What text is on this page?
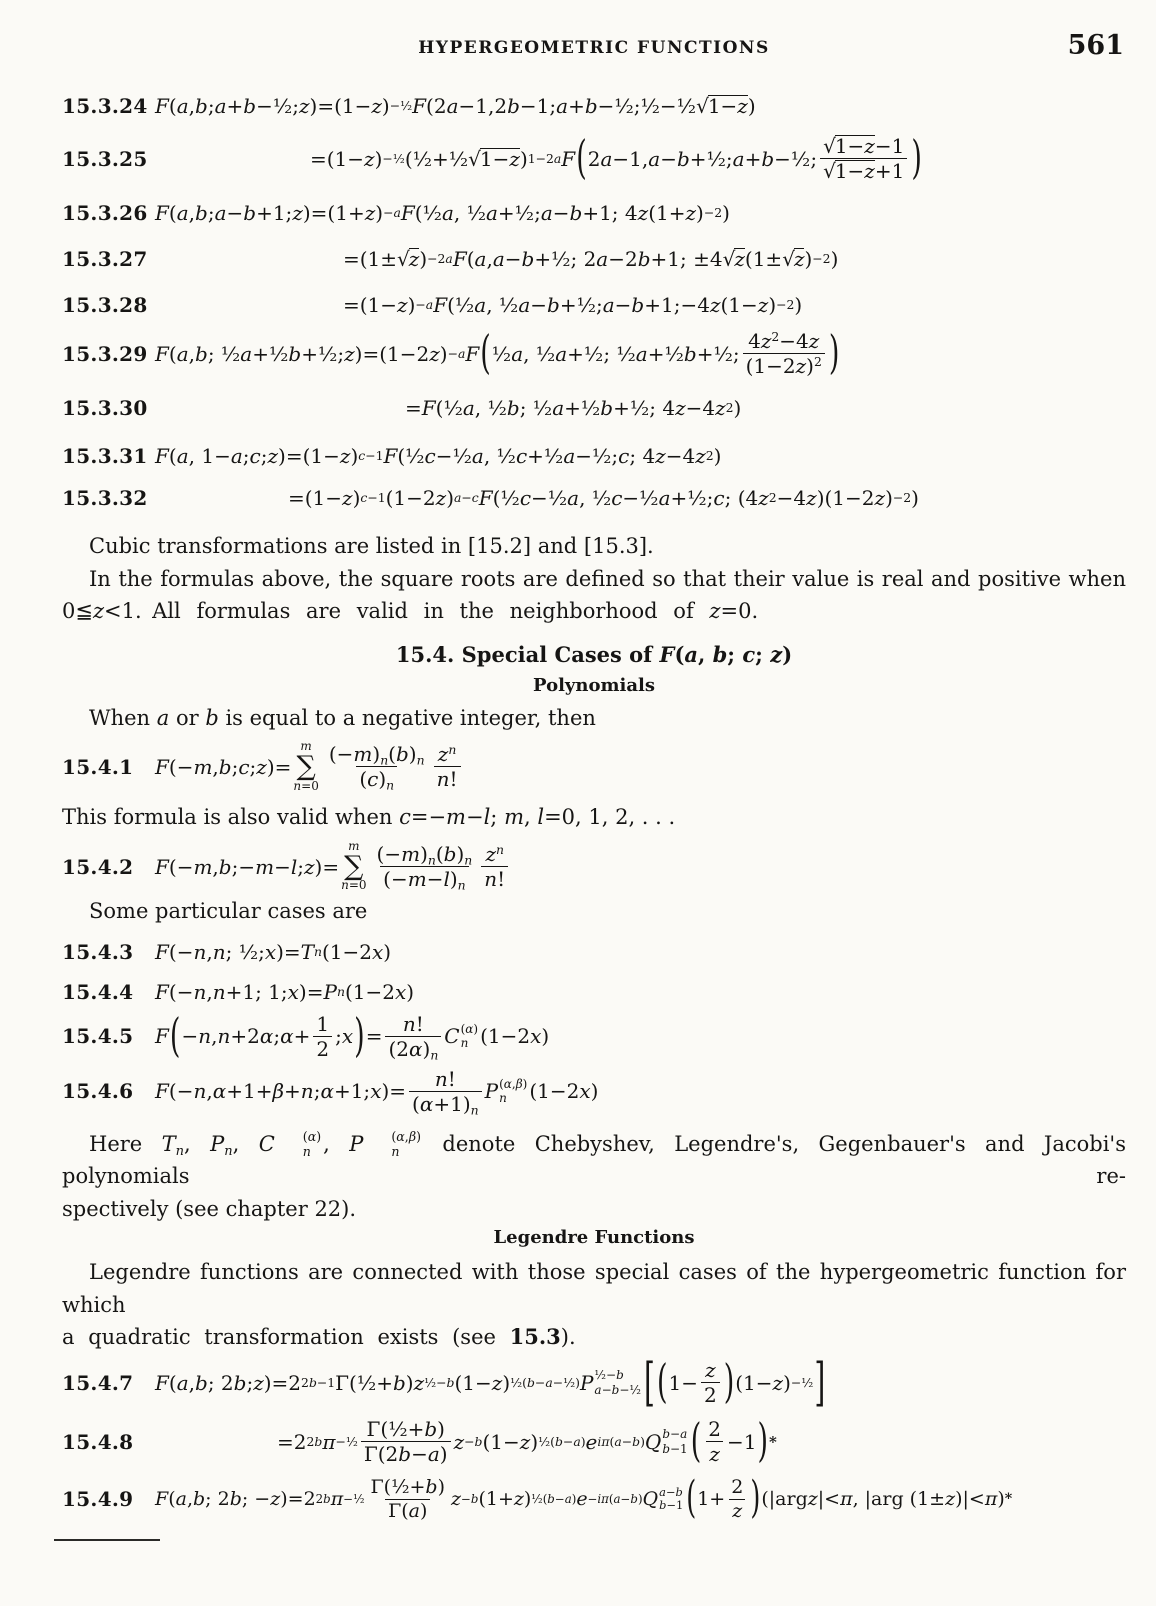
HYPERGEOMETRIC FUNCTIONS	561
15.3.24 F ( a , b ; a + b −½; z )=(1− z ) −½ F (2 a −1,2 b −1; a + b −½;½−½ √1−z )
15.3.25	=(1− z ) −½ (½+½ √1−z ) 1−2a F ( 2 a −1, a − b +½; a + b −½;
√1−z−1
√1−z+1 )
15.3.26 F ( a , b ; a − b +1; z )=(1+ z ) −a F (½ a , ½ a +½; a − b +1; 4 z (1+ z ) −2 )
15.3.27	=(1± √z ) −2a F ( a , a − b +½; 2 a −2 b +1; ±4 √z (1± √z ) −2 )
15.3.28	=(1− z ) −a F (½ a , ½ a − b +½; a − b +1;−4 z (1− z ) −2 )
15.3.29 F ( a , b ; ½ a +½ b +½; z )=(1−2 z ) −a F ( ½ a , ½ a +½; ½ a +½ b +½;
$4z^2-4z$
$(1-2z)^2$ )
15.3.30	= F (½ a , ½ b ; ½ a +½ b +½; 4 z −4 z 2 )
15.3.31 F ( a , 1− a ; c ; z )=(1− z ) c−1 F (½ c −½ a , ½ c +½ a −½; c ; 4 z −4 z 2 )
15.3.32	=(1− z ) c−1 (1−2 z ) a−c F (½ c −½ a , ½ c −½ a +½; c ; (4 z 2 −4 z )(1−2 z ) −2 )

Cubic transformations are listed in [15.2] and [15.3].

In the formulas above, the square roots are defined so that their value is real and positive when
0≦z<1. All formulas are valid in the neighborhood of z=0.

15.4. Special Cases of F(a, b; c; z)
Polynomials

When a or b is equal to a negative integer, then

15.4.1	F (− m , b ; c ; z )=
m
∑
n=0
$(-m)_n(b)_n$
$(c)_n$
$z^n$
n!

This formula is also valid when c=−m−l; m, l=0, 1, 2, . . .

15.4.2	F (− m , b ;− m − l ; z )=
m
∑
n=0
$(-m)_n(b)_n$
$(-m-l)_n$
$z^n$
n!

Some particular cases are

15.4.3	F (− n , n ; ½; x )= T n (1−2 x )
15.4.4	F (− n , n +1; 1; x )= P n (1−2 x )
15.4.5	F ( − n , n +2 α ; α +
1
2
; x ) =
n!
$(2\alpha)_n$
C (α)
n (1−2 x )
15.4.6	F (− n , α +1+ β + n ; α +1; x )=
n!
$(\alpha+1)_n$
P (α,β)
n (1−2 x )

Here $T_n$, $P_n$, C	(α)
n , P	(α,β)
n denote Chebyshev, Legendre's, Gegenbauer's and Jacobi's polynomials re-
spectively (see chapter 22).

Legendre Functions

Legendre functions are connected with those special cases of the hypergeometric function for which
a quadratic transformation exists (see 15.3).

15.4.7	F ( a , b ; 2 b ; z )=2 2b−1 Γ(½+ b ) z ½−b (1− z ) ½(b−a−½) P ½−b
a−b−½ [ ( 1−
z
2 ) (1− z ) −½ ]
15.4.8	=2 2b π −½ Γ(½+b)
Γ(2b−a)
z −b (1− z ) ½(b−a) e iπ(a−b) Q b−a
b−1 ( 2
z
−1 ) *
15.4.9	F ( a , b ; 2 b ; − z )=2 2b π −½
Γ(½+b)
Γ(a)
z −b (1+ z ) ½(b−a) e −iπ(a−b) Q a−b
b−1 ( 1+
2
z ) (|arg z |< π , |arg (1± z )|< π ) *
